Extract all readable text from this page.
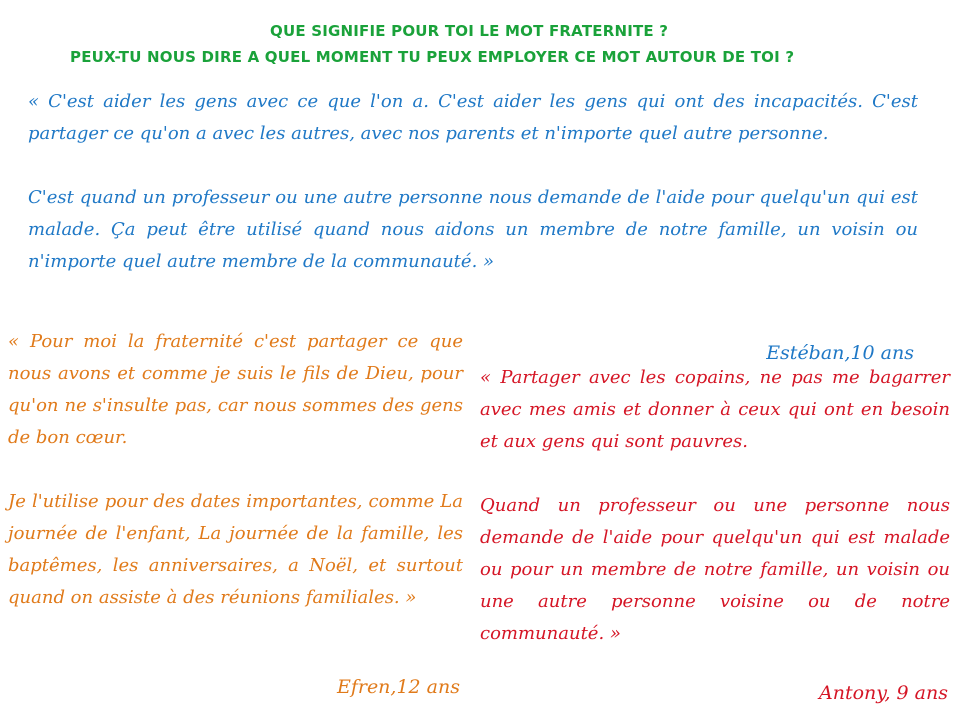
QUE SIGNIFIE POUR TOI LE MOT FRATERNITE ?
PEUX-TU NOUS DIRE A QUEL MOMENT TU PEUX EMPLOYER CE MOT AUTOUR DE TOI ?

« C'est aider les gens avec ce que l'on a. C'est aider les gens qui ont des incapacités. C'est partager ce qu'on a avec les autres, avec nos parents et n'importe quel autre personne.

C'est quand un professeur ou une autre personne nous demande de l'aide pour quelqu'un qui est malade. Ça peut être utilisé quand nous aidons un membre de notre famille, un voisin ou n'importe quel autre membre de la communauté. »

Estéban,10 ans

« Pour moi la fraternité c'est partager ce que nous avons et comme je suis le fils de Dieu, pour qu'on ne s'insulte pas, car nous sommes des gens de bon cœur.

Je l'utilise pour des dates importantes, comme La journée de l'enfant, La journée de la famille, les baptêmes, les anniversaires, a Noël, et surtout quand on assiste à des réunions familiales. »

Efren,12 ans

« Partager avec les copains, ne pas me bagarrer avec mes amis et donner à ceux qui ont en besoin et aux gens qui sont pauvres.

Quand un professeur ou une personne nous demande de l'aide pour quelqu'un qui est malade ou pour un membre de notre famille, un voisin ou une autre personne voisine ou de notre communauté. »

Antony, 9 ans
